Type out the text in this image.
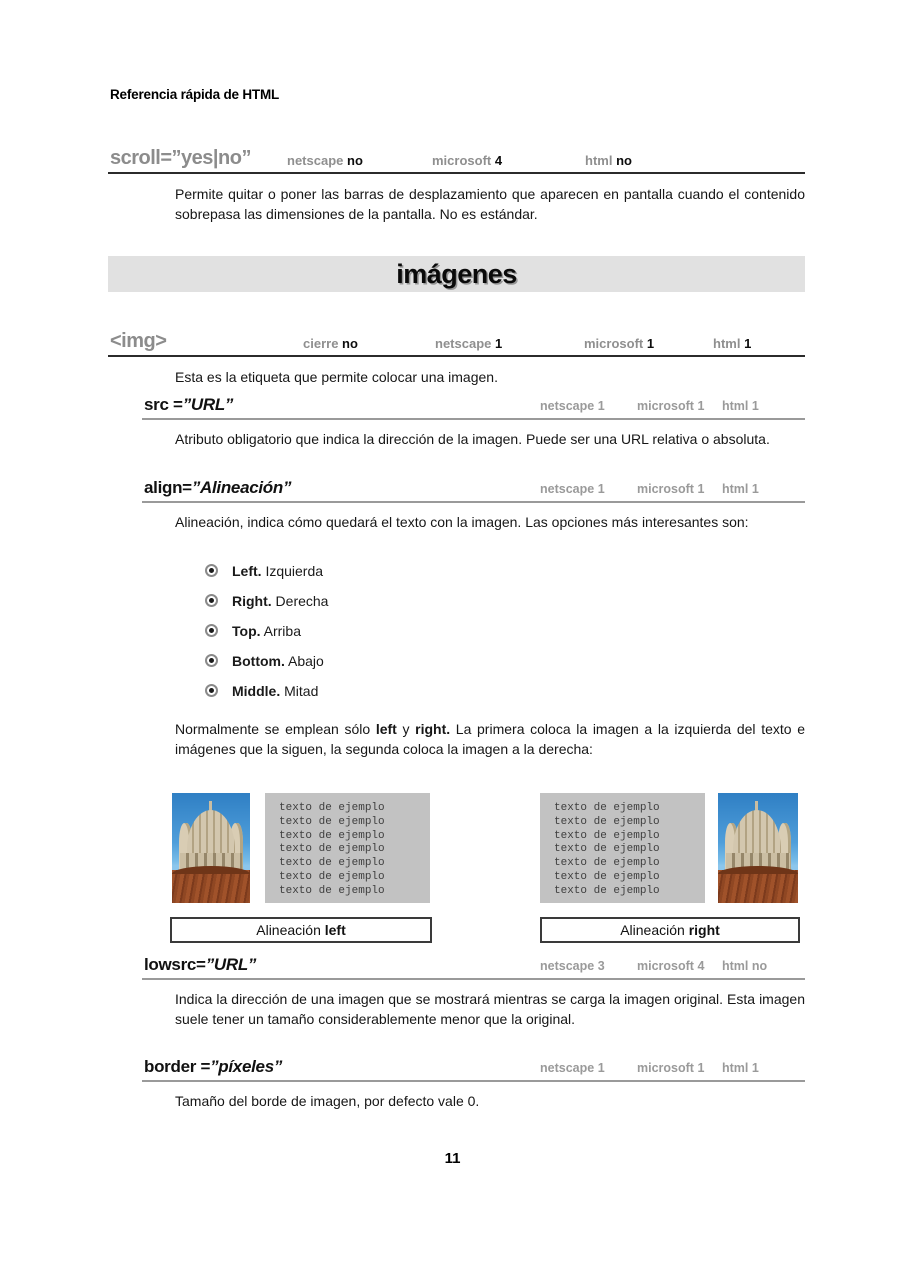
Referencia rápida de HTML
scroll=”yes|no”	netscape no	microsoft 4	html no
Permite quitar o poner las barras de desplazamiento que aparecen en pantalla cuando el contenido sobrepasa las dimensiones de la pantalla. No es estándar.
imágenes
<img>	cierre no	netscape 1	microsoft 1	html 1
Esta es la etiqueta que permite colocar una imagen.
src =”URL”	netscape 1	microsoft 1 html 1
Atributo obligatorio que indica la dirección de la imagen. Puede ser una URL relativa o absoluta.
align=”Alineación”	netscape 1	microsoft 1 html 1
Alineación, indica cómo quedará el texto con la imagen. Las opciones más interesantes son:
Left. Izquierda
Right. Derecha
Top. Arriba
Bottom. Abajo
Middle. Mitad
Normalmente se emplean sólo left y right. La primera coloca la imagen a la izquierda del texto e imágenes que la siguen, la segunda coloca la imagen a la derecha:
texto de ejemplo
texto de ejemplo
texto de ejemplo
texto de ejemplo
texto de ejemplo
texto de ejemplo
texto de ejemplo
texto de ejemplo
texto de ejemplo
texto de ejemplo
texto de ejemplo
texto de ejemplo
texto de ejemplo
texto de ejemplo
Alineación left	Alineación right
lowsrc=”URL”	netscape 3	microsoft 4 html no
Indica la dirección de una imagen que se mostrará mientras se carga la imagen original. Esta imagen suele tener un tamaño considerablemente menor que la original.
border =”píxeles”	netscape 1	microsoft 1 html 1
Tamaño del borde de imagen, por defecto vale 0.
11
